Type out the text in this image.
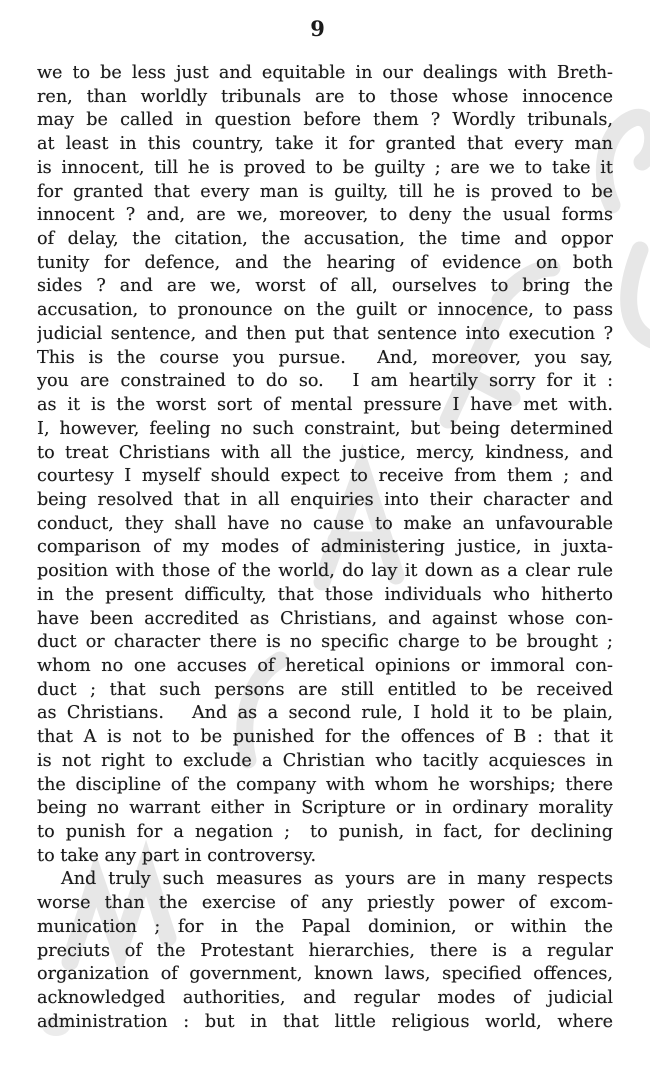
9

we to be less just and equitable in our dealings with Breth-
ren, than worldly tribunals are to those whose innocence
may be called in question before them ? Wordly tribunals,
at least in this country, take it for granted that every man
is innocent, till he is proved to be guilty ; are we to take it
for granted that every man is guilty, till he is proved to be
innocent ? and, are we, moreover, to deny the usual forms
of delay, the citation, the accusation, the time and oppor
tunity for defence, and the hearing of evidence on both
sides ? and are we, worst of all, ourselves to bring the
accusation, to pronounce on the guilt or innocence, to pass
judicial sentence, and then put that sentence into execution ?
This is the course you pursue.  And, moreover, you say,
you are constrained to do so.  I am heartily sorry for it :
as it is the worst sort of mental pressure I have met with.
I, however, feeling no such constraint, but being determined
to treat Christians with all the justice, mercy, kindness, and
courtesy I myself should expect to receive from them ; and
being resolved that in all enquiries into their character and
conduct, they shall have no cause to make an unfavourable
comparison of my modes of administering justice, in juxta-
position with those of the world, do lay it down as a clear rule
in the present difficulty, that those individuals who hitherto
have been accredited as Christians, and against whose con-
duct or character there is no specific charge to be brought ;
whom no one accuses of heretical opinions or immoral con-
duct ; that such persons are still entitled to be received
as Christians.  And as a second rule, I hold it to be plain,
that A is not to be punished for the offences of B : that it
is not right to exclude a Christian who tacitly acquiesces in
the discipline of the company with whom he worships; there
being no warrant either in Scripture or in ordinary morality
to punish for a negation ;  to punish, in fact, for declining
to take any part in controversy.

And truly such measures as yours are in many respects
worse than the exercise of any priestly power of excom-
munication ; for in the Papal dominion, or within the
preciuts of the Protestant hierarchies, there is a regular
organization of government, known laws, specified offences,
acknowledged authorities, and regular modes of judicial
administration : but in that little religious world, where
